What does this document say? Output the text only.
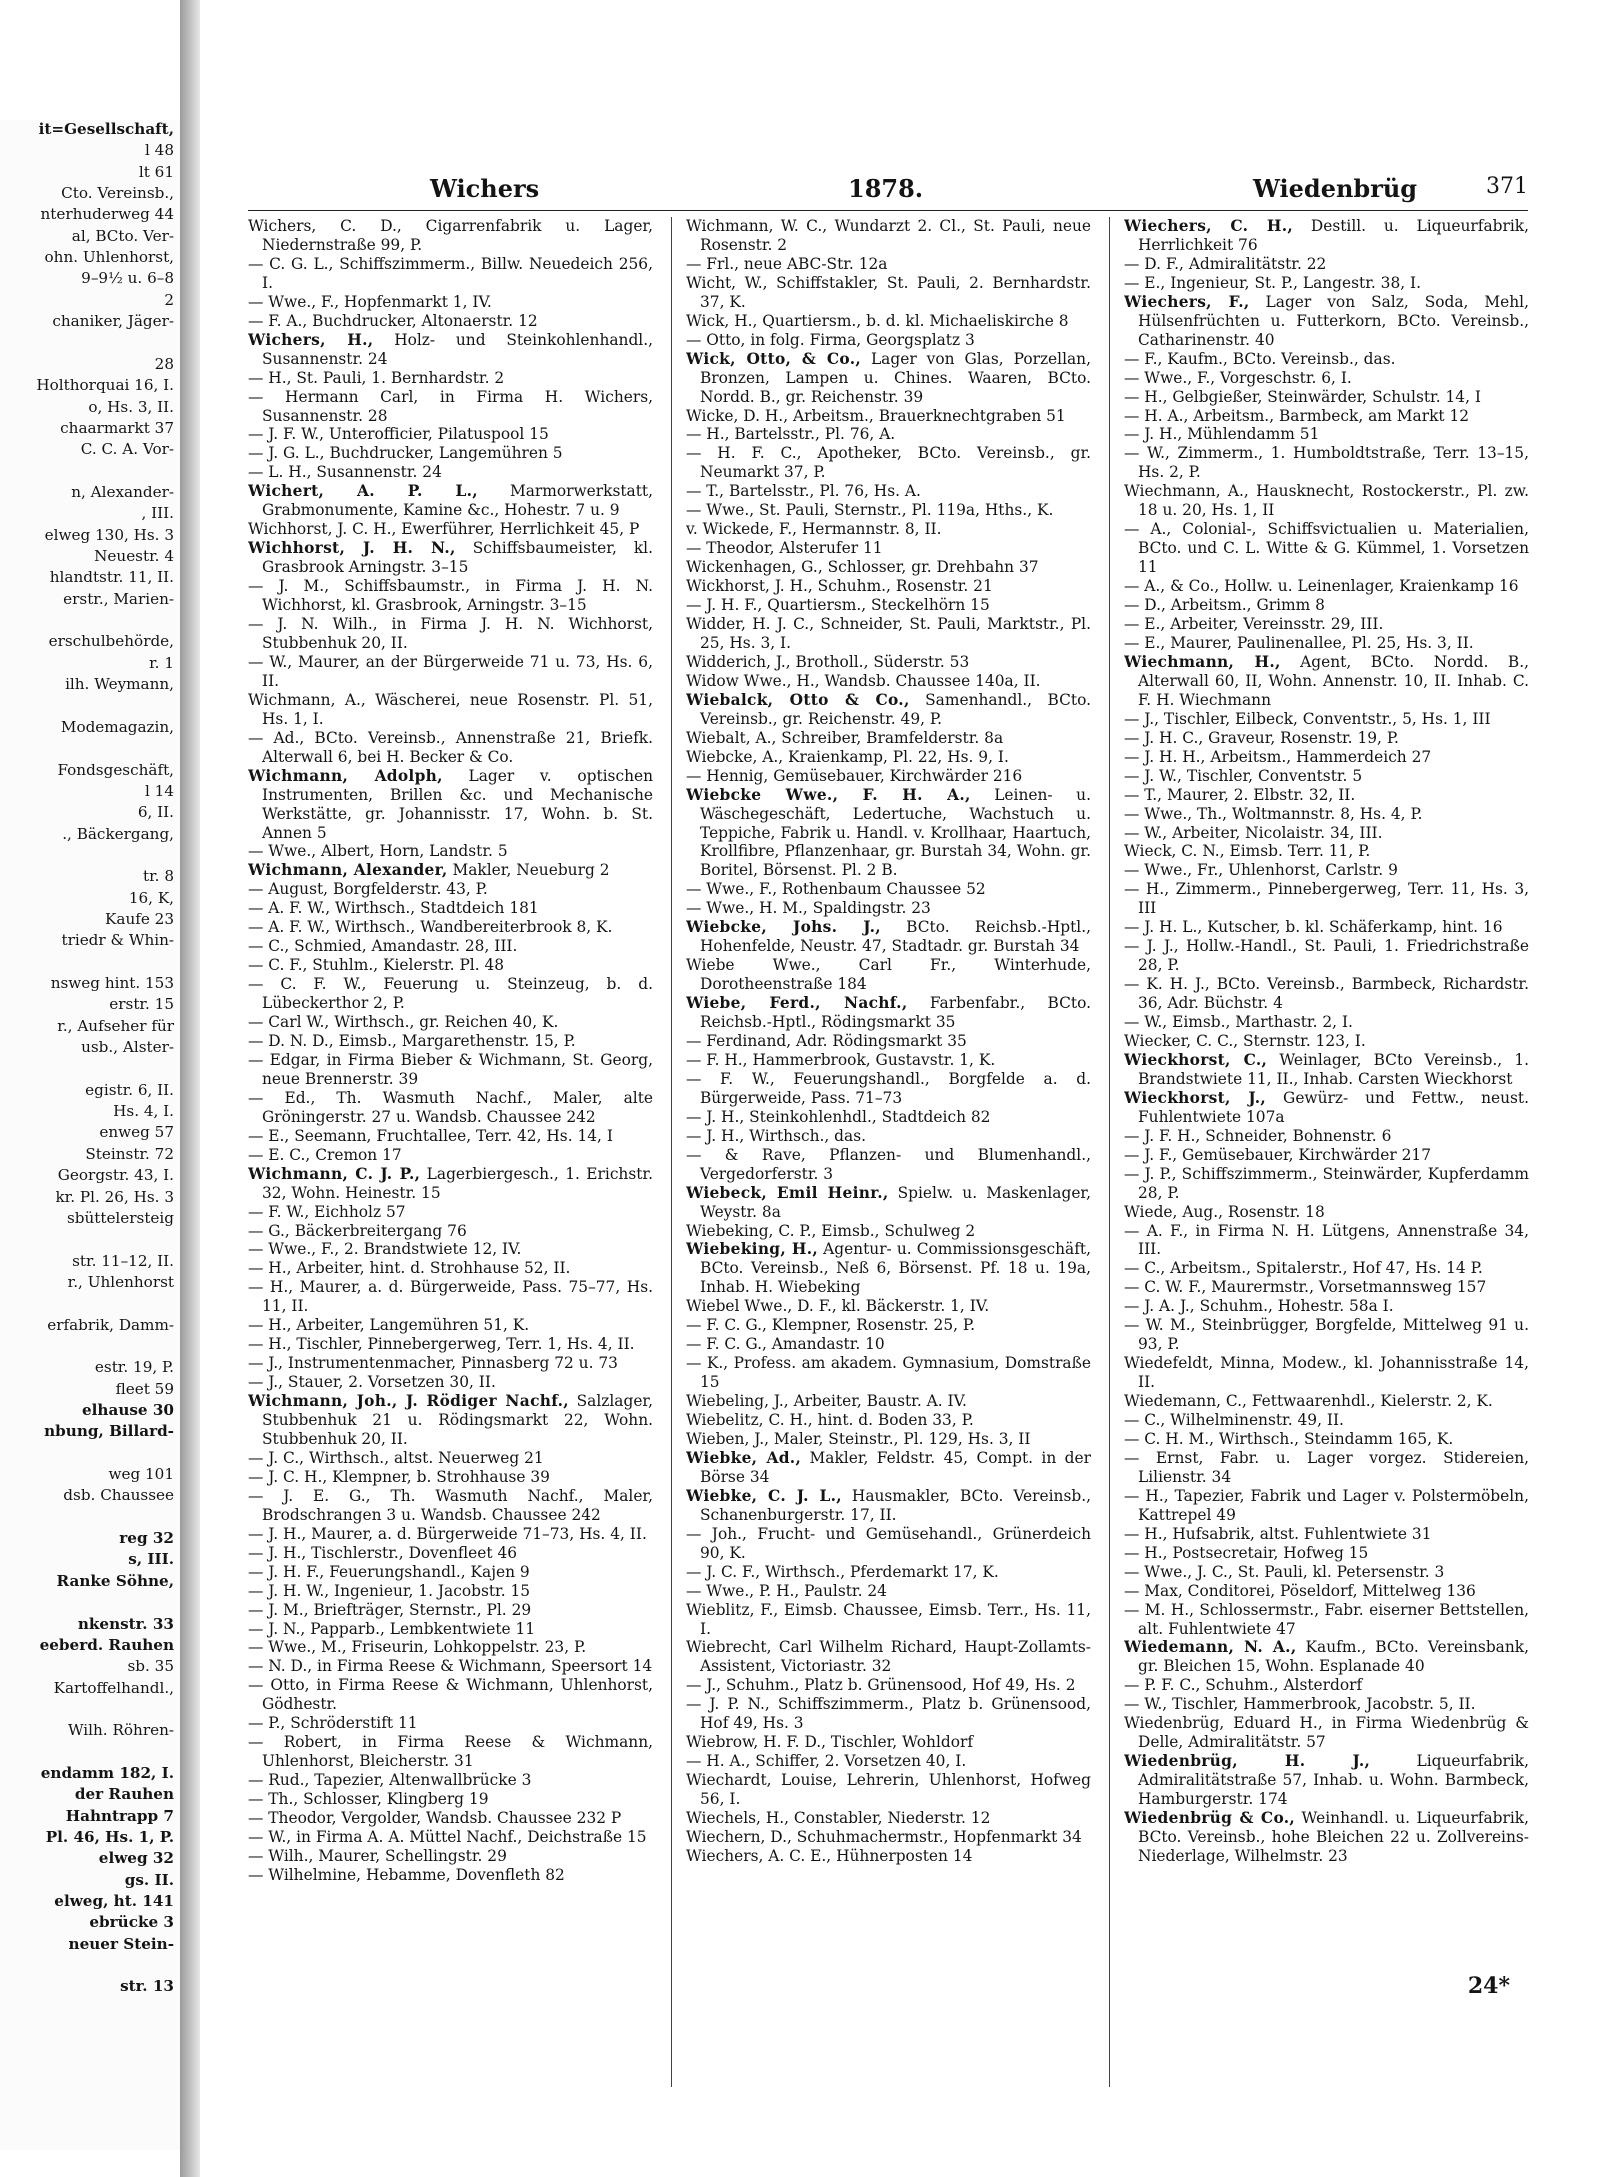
it=Gesellschaft,
l 48
lt 61
Cto. Vereinsb.,
nterhuderweg 44
al, BCto. Ver-
ohn. Uhlenhorst,
9–9½ u. 6–8
2
chaniker, Jäger-
28
Holthorquai 16, I.
o, Hs. 3, II.
chaarmarkt 37
C. C. A. Vor-
n, Alexander-
, III.
elweg 130, Hs. 3
Neuestr. 4
hlandtstr. 11, II.
erstr., Marien-
erschulbehörde,
r. 1
ilh. Weymann,
Modemagazin,
Fondsgeschäft,
l 14
6, II.
., Bäckergang,
tr. 8
16, K,
Kaufe 23
triedr & Whin-
nsweg hint. 153
erstr. 15
r., Aufseher für
usb., Alster-
egistr. 6, II.
Hs. 4, I.
enweg 57
Steinstr. 72
Georgstr. 43, I.
kr. Pl. 26, Hs. 3
sbüttelersteig
str. 11–12, II.
r., Uhlenhorst
erfabrik, Damm-
estr. 19, P.
fleet 59
elhause 30
nbung, Billard-
weg 101
dsb. Chaussee
reg 32
s, III.
Ranke Söhne,
nkenstr. 33
eeberd. Rauhen
sb. 35
Kartoffelhandl.,
Wilh. Röhren-
endamm 182, I.
der Rauhen
Hahntrapp 7
Pl. 46, Hs. 1, P.
elweg 32
gs. II.
elweg, ht. 141
ebrücke 3
neuer Stein-
str. 13
Wichers	1878.	Wiedenbrüg	371

Wichers, C. D., Cigarrenfabrik u. Lager, Niedernstraße 99, P.

— C. G. L., Schiffszimmerm., Billw. Neuedeich 256, I.

— Wwe., F., Hopfenmarkt 1, IV.

— F. A., Buchdrucker, Altonaerstr. 12

Wichers, H., Holz- und Steinkohlenhandl., Susannenstr. 24

— H., St. Pauli, 1. Bernhardstr. 2

— Hermann Carl, in Firma H. Wichers, Susannenstr. 28

— J. F. W., Unterofficier, Pilatuspool 15

— J. G. L., Buchdrucker, Langemühren 5

— L. H., Susannenstr. 24

Wichert, A. P. L., Marmorwerkstatt, Grabmonumente, Kamine &c., Hohestr. 7 u. 9

Wichhorst, J. C. H., Ewerführer, Herrlichkeit 45, P

Wichhorst, J. H. N., Schiffsbaumeister, kl. Grasbrook Arningstr. 3–15

— J. M., Schiffsbaumstr., in Firma J. H. N. Wichhorst, kl. Grasbrook, Arningstr. 3–15

— J. N. Wilh., in Firma J. H. N. Wichhorst, Stubbenhuk 20, II.

— W., Maurer, an der Bürgerweide 71 u. 73, Hs. 6, II.

Wichmann, A., Wäscherei, neue Rosenstr. Pl. 51, Hs. 1, I.

— Ad., BCto. Vereinsb., Annenstraße 21, Briefk. Alterwall 6, bei H. Becker & Co.

Wichmann, Adolph, Lager v. optischen Instrumenten, Brillen &c. und Mechanische Werkstätte, gr. Johannisstr. 17, Wohn. b. St. Annen 5

— Wwe., Albert, Horn, Landstr. 5

Wichmann, Alexander, Makler, Neueburg 2

— August, Borgfelderstr. 43, P.

— A. F. W., Wirthsch., Stadtdeich 181

— A. F. W., Wirthsch., Wandbereiterbrook 8, K.

— C., Schmied, Amandastr. 28, III.

— C. F., Stuhlm., Kielerstr. Pl. 48

— C. F. W., Feuerung u. Steinzeug, b. d. Lübeckerthor 2, P.

— Carl W., Wirthsch., gr. Reichen 40, K.

— D. N. D., Eimsb., Margarethenstr. 15, P.

— Edgar, in Firma Bieber & Wichmann, St. Georg, neue Brennerstr. 39

— Ed., Th. Wasmuth Nachf., Maler, alte Gröningerstr. 27 u. Wandsb. Chaussee 242

— E., Seemann, Fruchtallee, Terr. 42, Hs. 14, I

— E. C., Cremon 17

Wichmann, C. J. P., Lagerbiergesch., 1. Erichstr. 32, Wohn. Heinestr. 15

— F. W., Eichholz 57

— G., Bäckerbreitergang 76

— Wwe., F., 2. Brandstwiete 12, IV.

— H., Arbeiter, hint. d. Strohhause 52, II.

— H., Maurer, a. d. Bürgerweide, Pass. 75–77, Hs. 11, II.

— H., Arbeiter, Langemühren 51, K.

— H., Tischler, Pinnebergerweg, Terr. 1, Hs. 4, II.

— J., Instrumentenmacher, Pinnasberg 72 u. 73

— J., Stauer, 2. Vorsetzen 30, II.

Wichmann, Joh., J. Rödiger Nachf., Salzlager, Stubbenhuk 21 u. Rödingsmarkt 22, Wohn. Stubbenhuk 20, II.

— J. C., Wirthsch., altst. Neuerweg 21

— J. C. H., Klempner, b. Strohhause 39

— J. E. G., Th. Wasmuth Nachf., Maler, Brodschrangen 3 u. Wandsb. Chaussee 242

— J. H., Maurer, a. d. Bürgerweide 71–73, Hs. 4, II.

— J. H., Tischlerstr., Dovenfleet 46

— J. H. F., Feuerungshandl., Kajen 9

— J. H. W., Ingenieur, 1. Jacobstr. 15

— J. M., Briefträger, Sternstr., Pl. 29

— J. N., Papparb., Lembkentwiete 11

— Wwe., M., Friseurin, Lohkoppelstr. 23, P.

— N. D., in Firma Reese & Wichmann, Speersort 14

— Otto, in Firma Reese & Wichmann, Uhlenhorst, Gödhestr.

— P., Schröderstift 11

— Robert, in Firma Reese & Wichmann, Uhlenhorst, Bleicherstr. 31

— Rud., Tapezier, Altenwallbrücke 3

— Th., Schlosser, Klingberg 19

— Theodor, Vergolder, Wandsb. Chaussee 232 P

— W., in Firma A. A. Müttel Nachf., Deichstraße 15

— Wilh., Maurer, Schellingstr. 29

— Wilhelmine, Hebamme, Dovenfleth 82

Wichmann, W. C., Wundarzt 2. Cl., St. Pauli, neue Rosenstr. 2

— Frl., neue ABC-Str. 12a

Wicht, W., Schiffstakler, St. Pauli, 2. Bernhardstr. 37, K.

Wick, H., Quartiersm., b. d. kl. Michaeliskirche 8

— Otto, in folg. Firma, Georgsplatz 3

Wick, Otto, & Co., Lager von Glas, Porzellan, Bronzen, Lampen u. Chines. Waaren, BCto. Nordd. B., gr. Reichenstr. 39

Wicke, D. H., Arbeitsm., Brauerknechtgraben 51

— H., Bartelsstr., Pl. 76, A.

— H. F. C., Apotheker, BCto. Vereinsb., gr. Neumarkt 37, P.

— T., Bartelsstr., Pl. 76, Hs. A.

— Wwe., St. Pauli, Sternstr., Pl. 119a, Hths., K.

v. Wickede, F., Hermannstr. 8, II.

— Theodor, Alsterufer 11

Wickenhagen, G., Schlosser, gr. Drehbahn 37

Wickhorst, J. H., Schuhm., Rosenstr. 21

— J. H. F., Quartiersm., Steckelhörn 15

Widder, H. J. C., Schneider, St. Pauli, Marktstr., Pl. 25, Hs. 3, I.

Widderich, J., Brotholl., Süderstr. 53

Widow Wwe., H., Wandsb. Chaussee 140a, II.

Wiebalck, Otto & Co., Samenhandl., BCto. Vereinsb., gr. Reichenstr. 49, P.

Wiebalt, A., Schreiber, Bramfelderstr. 8a

Wiebcke, A., Kraienkamp, Pl. 22, Hs. 9, I.

— Hennig, Gemüsebauer, Kirchwärder 216

Wiebcke Wwe., F. H. A., Leinen- u. Wäschegeschäft, Ledertuche, Wachstuch u. Teppiche, Fabrik u. Handl. v. Krollhaar, Haartuch, Krollfibre, Pflanzenhaar, gr. Burstah 34, Wohn. gr. Boritel, Börsenst. Pl. 2 B.

— Wwe., F., Rothenbaum Chaussee 52

— Wwe., H. M., Spaldingstr. 23

Wiebcke, Johs. J., BCto. Reichsb.-Hptl., Hohenfelde, Neustr. 47, Stadtadr. gr. Burstah 34

Wiebe Wwe., Carl Fr., Winterhude, Dorotheenstraße 184

Wiebe, Ferd., Nachf., Farbenfabr., BCto. Reichsb.-Hptl., Rödingsmarkt 35

— Ferdinand, Adr. Rödingsmarkt 35

— F. H., Hammerbrook, Gustavstr. 1, K.

— F. W., Feuerungshandl., Borgfelde a. d. Bürgerweide, Pass. 71–73

— J. H., Steinkohlenhdl., Stadtdeich 82

— J. H., Wirthsch., das.

— & Rave, Pflanzen- und Blumenhandl., Vergedorferstr. 3

Wiebeck, Emil Heinr., Spielw. u. Maskenlager, Weystr. 8a

Wiebeking, C. P., Eimsb., Schulweg 2

Wiebeking, H., Agentur- u. Commissionsgeschäft, BCto. Vereinsb., Neß 6, Börsenst. Pf. 18 u. 19a, Inhab. H. Wiebeking

Wiebel Wwe., D. F., kl. Bäckerstr. 1, IV.

— F. C. G., Klempner, Rosenstr. 25, P.

— F. C. G., Amandastr. 10

— K., Profess. am akadem. Gymnasium, Domstraße 15

Wiebeling, J., Arbeiter, Baustr. A. IV.

Wiebelitz, C. H., hint. d. Boden 33, P.

Wieben, J., Maler, Steinstr., Pl. 129, Hs. 3, II

Wiebke, Ad., Makler, Feldstr. 45, Compt. in der Börse 34

Wiebke, C. J. L., Hausmakler, BCto. Vereinsb., Schanenburgerstr. 17, II.

— Joh., Frucht- und Gemüsehandl., Grünerdeich 90, K.

— J. C. F., Wirthsch., Pferdemarkt 17, K.

— Wwe., P. H., Paulstr. 24

Wieblitz, F., Eimsb. Chaussee, Eimsb. Terr., Hs. 11, I.

Wiebrecht, Carl Wilhelm Richard, Haupt-Zollamts-Assistent, Victoriastr. 32

— J., Schuhm., Platz b. Grünensood, Hof 49, Hs. 2

— J. P. N., Schiffszimmerm., Platz b. Grünensood, Hof 49, Hs. 3

Wiebrow, H. F. D., Tischler, Wohldorf

— H. A., Schiffer, 2. Vorsetzen 40, I.

Wiechardt, Louise, Lehrerin, Uhlenhorst, Hofweg 56, I.

Wiechels, H., Constabler, Niederstr. 12

Wiechern, D., Schuhmachermstr., Hopfenmarkt 34

Wiechers, A. C. E., Hühnerposten 14

Wiechers, C. H., Destill. u. Liqueurfabrik, Herrlichkeit 76

— D. F., Admiralitätstr. 22

— E., Ingenieur, St. P., Langestr. 38, I.

Wiechers, F., Lager von Salz, Soda, Mehl, Hülsenfrüchten u. Futterkorn, BCto. Vereinsb., Catharinenstr. 40

— F., Kaufm., BCto. Vereinsb., das.

— Wwe., F., Vorgeschstr. 6, I.

— H., Gelbgießer, Steinwärder, Schulstr. 14, I

— H. A., Arbeitsm., Barmbeck, am Markt 12

— J. H., Mühlendamm 51

— W., Zimmerm., 1. Humboldtstraße, Terr. 13–15, Hs. 2, P.

Wiechmann, A., Hausknecht, Rostockerstr., Pl. zw. 18 u. 20, Hs. 1, II

— A., Colonial-, Schiffsvictualien u. Materialien, BCto. und C. L. Witte & G. Kümmel, 1. Vorsetzen 11

— A., & Co., Hollw. u. Leinenlager, Kraienkamp 16

— D., Arbeitsm., Grimm 8

— E., Arbeiter, Vereinsstr. 29, III.

— E., Maurer, Paulinenallee, Pl. 25, Hs. 3, II.

Wiechmann, H., Agent, BCto. Nordd. B., Alterwall 60, II, Wohn. Annenstr. 10, II. Inhab. C. F. H. Wiechmann

— J., Tischler, Eilbeck, Conventstr., 5, Hs. 1, III

— J. H. C., Graveur, Rosenstr. 19, P.

— J. H. H., Arbeitsm., Hammerdeich 27

— J. W., Tischler, Conventstr. 5

— T., Maurer, 2. Elbstr. 32, II.

— Wwe., Th., Woltmannstr. 8, Hs. 4, P.

— W., Arbeiter, Nicolaistr. 34, III.

Wieck, C. N., Eimsb. Terr. 11, P.

— Wwe., Fr., Uhlenhorst, Carlstr. 9

— H., Zimmerm., Pinnebergerweg, Terr. 11, Hs. 3, III

— J. H. L., Kutscher, b. kl. Schäferkamp, hint. 16

— J. J., Hollw.-Handl., St. Pauli, 1. Friedrichstraße 28, P.

— K. H. J., BCto. Vereinsb., Barmbeck, Richardstr. 36, Adr. Büchstr. 4

— W., Eimsb., Marthastr. 2, I.

Wiecker, C. C., Sternstr. 123, I.

Wieckhorst, C., Weinlager, BCto Vereinsb., 1. Brandstwiete 11, II., Inhab. Carsten Wieckhorst

Wieckhorst, J., Gewürz- und Fettw., neust. Fuhlentwiete 107a

— J. F. H., Schneider, Bohnenstr. 6

— J. F., Gemüsebauer, Kirchwärder 217

— J. P., Schiffszimmerm., Steinwärder, Kupferdamm 28, P.

Wiede, Aug., Rosenstr. 18

— A. F., in Firma N. H. Lütgens, Annenstraße 34, III.

— C., Arbeitsm., Spitalerstr., Hof 47, Hs. 14 P.

— C. W. F., Maurermstr., Vorsetmannsweg 157

— J. A. J., Schuhm., Hohestr. 58a I.

— W. M., Steinbrügger, Borgfelde, Mittelweg 91 u. 93, P.

Wiedefeldt, Minna, Modew., kl. Johannisstraße 14, II.

Wiedemann, C., Fettwaarenhdl., Kielerstr. 2, K.

— C., Wilhelminenstr. 49, II.

— C. H. M., Wirthsch., Steindamm 165, K.

— Ernst, Fabr. u. Lager vorgez. Stidereien, Lilienstr. 34

— H., Tapezier, Fabrik und Lager v. Polstermöbeln, Kattrepel 49

— H., Hufsabrik, altst. Fuhlentwiete 31

— H., Postsecretair, Hofweg 15

— Wwe., J. C., St. Pauli, kl. Petersenstr. 3

— Max, Conditorei, Pöseldorf, Mittelweg 136

— M. H., Schlossermstr., Fabr. eiserner Bettstellen, alt. Fuhlentwiete 47

Wiedemann, N. A., Kaufm., BCto. Vereinsbank, gr. Bleichen 15, Wohn. Esplanade 40

— P. F. C., Schuhm., Alsterdorf

— W., Tischler, Hammerbrook, Jacobstr. 5, II.

Wiedenbrüg, Eduard H., in Firma Wiedenbrüg & Delle, Admiralitätstr. 57

Wiedenbrüg, H. J., Liqueurfabrik, Admiralitätstraße 57, Inhab. u. Wohn. Barmbeck, Hamburgerstr. 174

Wiedenbrüg & Co., Weinhandl. u. Liqueurfabrik, BCto. Vereinsb., hohe Bleichen 22 u. Zollvereins-Niederlage, Wilhelmstr. 23

24*
